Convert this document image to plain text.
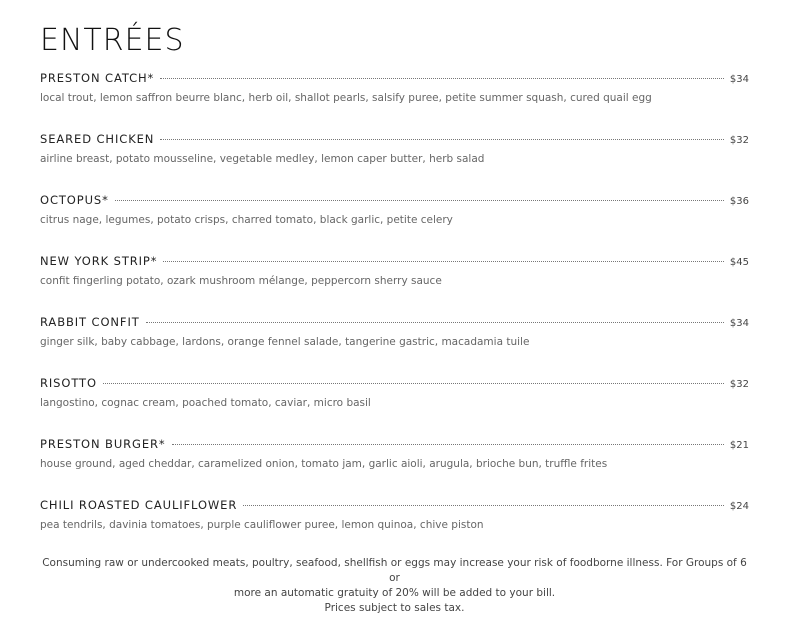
ENTRÉES
PRESTON CATCH*	$34
local trout, lemon saffron beurre blanc, herb oil, shallot pearls, salsify puree, petite summer squash, cured quail egg
SEARED CHICKEN	$32
airline breast, potato mousseline, vegetable medley, lemon caper butter, herb salad
OCTOPUS*	$36
citrus nage, legumes, potato crisps, charred tomato, black garlic, petite celery
NEW YORK STRIP*	$45
confit fingerling potato, ozark mushroom mélange, peppercorn sherry sauce
RABBIT CONFIT	$34
ginger silk, baby cabbage, lardons, orange fennel salade, tangerine gastric, macadamia tuile
RISOTTO	$32
langostino, cognac cream, poached tomato, caviar, micro basil
PRESTON BURGER*	$21
house ground, aged cheddar, caramelized onion, tomato jam, garlic aioli, arugula, brioche bun, truffle frites
CHILI ROASTED CAULIFLOWER	$24
pea tendrils, davinia tomatoes, purple cauliflower puree, lemon quinoa, chive piston

Consuming raw or undercooked meats, poultry, seafood, shellfish or eggs may increase your risk of foodborne illness. For Groups of 6 or

more an automatic gratuity of 20% will be added to your bill.

Prices subject to sales tax.
